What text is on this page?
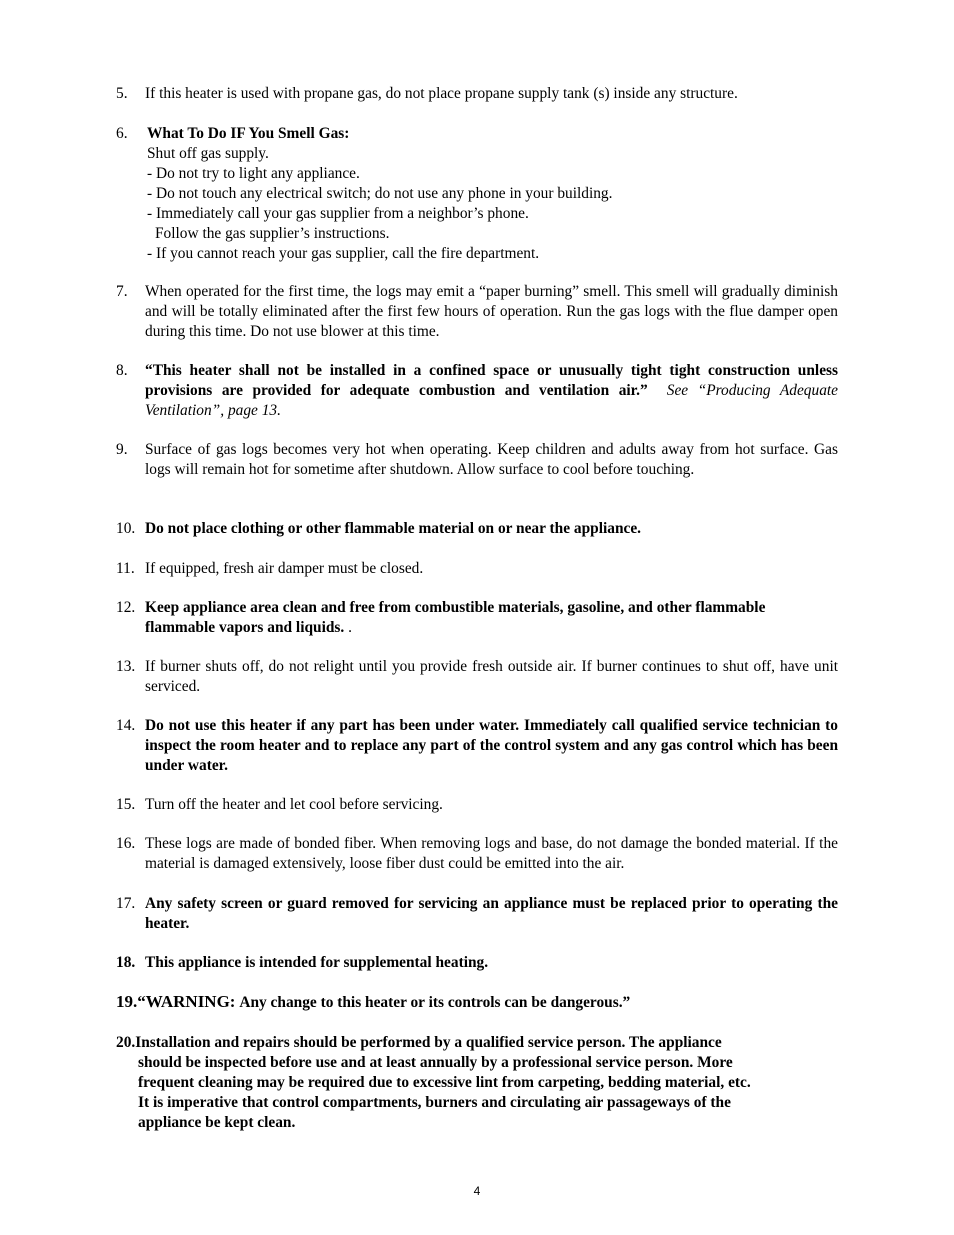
5. If this heater is used with propane gas, do not place propane supply tank (s) inside any structure.
6. What To Do IF You Smell Gas:
Shut off gas supply.
- Do not try to light any appliance.
- Do not touch any electrical switch; do not use any phone in your building.
- Immediately call your gas supplier from a neighbor’s phone.
Follow the gas supplier’s instructions.
- If you cannot reach your gas supplier, call the fire department.
7. When operated for the first time, the logs may emit a “paper burning” smell. This smell will gradually diminish and will be totally eliminated after the first few hours of operation. Run the gas logs with the flue damper open during this time. Do not use blower at this time.
8. “This heater shall not be installed in a confined space or unusually tight tight construction unless provisions are provided for adequate combustion and ventilation air.” See “Producing Adequate Ventilation”, page 13.
9. Surface of gas logs becomes very hot when operating. Keep children and adults away from hot surface. Gas logs will remain hot for sometime after shutdown. Allow surface to cool before touching.
10. Do not place clothing or other flammable material on or near the appliance.
11. If equipped, fresh air damper must be closed.
12. Keep appliance area clean and free from combustible materials, gasoline, and other flammable flammable vapors and liquids. .
13. If burner shuts off, do not relight until you provide fresh outside air. If burner continues to shut off, have unit serviced.
14. Do not use this heater if any part has been under water. Immediately call qualified service technician to inspect the room heater and to replace any part of the control system and any gas control which has been under water.
15. Turn off the heater and let cool before servicing.
16. These logs are made of bonded fiber. When removing logs and base, do not damage the bonded material. If the material is damaged extensively, loose fiber dust could be emitted into the air.
17. Any safety screen or guard removed for servicing an appliance must be replaced prior to operating the heater.
18. This appliance is intended for supplemental heating.
19.“WARNING: Any change to this heater or its controls can be dangerous.”
20.Installation and repairs should be performed by a qualified service person. The appliance
should be inspected before use and at least annually by a professional service person. More
frequent cleaning may be required due to excessive lint from carpeting, bedding material, etc.
It is imperative that control compartments, burners and circulating air passageways of the
appliance be kept clean.
4
